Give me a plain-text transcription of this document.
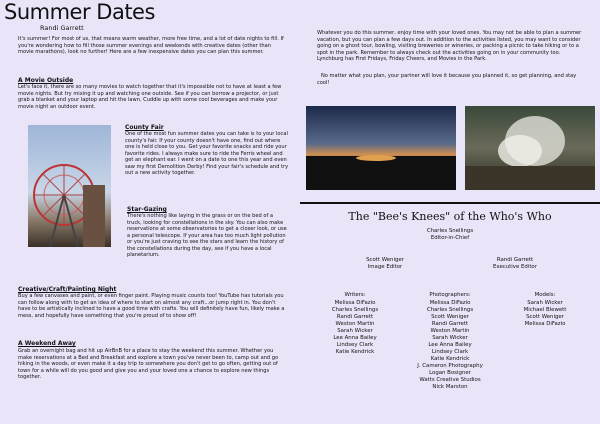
Summer Dates
Randi Garrett
It's summer! For most of us, that means warm weather, more free time, and a lot of date nights to fill. If you're wondering how to fill those summer evenings and weekends with creative dates (other than movie marathons), look no further! Here are a few inexpensive dates you can plan this summer.
A Movie Outside
Let's face it, there are so many movies to watch together that it's impossible not to have at least a few movie nights. But try mixing it up and watching one outside. See if you can borrow a projector, or just grab a blanket and your laptop and hit the lawn. Cuddle up with some cool beverages and make your movie night an outdoor event.
County Fair
One of the most fun summer dates you can take is to your local county's fair. If your county doesn't have one, find out where one is held close to you. Get your favorite snacks and ride your favorite rides. I always make sure to ride the Ferris wheel and get an elephant ear. I went on a date to one this year and even saw my first Demolition Derby! Find your fair's schedule and try out a new activity together.
Star-Gazing
There's nothing like laying in the grass or on the bed of a truck, looking for constellations in the sky. You can also make reservations at some observatories to get a closer look, or use a personal telescope. If your area has too much light pollution or you're just craving to see the stars and learn the history of the constellations during the day, see if you have a local planetarium.
Creative/Craft/Painting Night
Buy a few canvases and paint, or even finger paint. Playing music counts too! YouTube has tutorials you can follow along with to get an idea of where to start on almost any craft...or jump right in. You don't have to be artistically inclined to have a good time with crafts. You will definitely have fun, likely make a mess, and hopefully have something that you're proud of to show off!
A Weekend Away
Grab an overnight bag and hit up AirBnB for a place to stay the weekend this summer. Whether you make reservations at a Bed and Breakfast and explore a town you've never been to, camp out and go hiking in the woods, or even make it a day trip to somewhere you don't get to go often, getting out of town for a while will do you good and give you and your loved one a chance to explore new things together.
Whatever you do this summer, enjoy time with your loved ones. You may not be able to plan a summer vacation, but you can plan a few days out. In addition to the activities listed, you may want to consider going on a ghost tour, bowling, visiting breweries or wineries, or packing a picnic to take hiking or to a spot in the park. Remember to always check out the activities going on in your community too. Lynchburg has First Fridays, Friday Cheers, and Movies in the Park.
No matter what you plan, your partner will love it because you planned it, so get planning, and stay cool!
The "Bee's Knees" of the Who's Who
Charles Snellings
Editor-in-Chief
Scott Weniger
Image Editor
Randi Garrett
Executive Editor
Writers:
Melissa DiFazio
Charles Snellings
Randi Garrett
Weston Martin
Sarah Wicker
Lee Anna Bailey
Lindsey Clark
Katie Kendrick
Photographers:
Melissa DiFazio
Charles Snellings
Scott Weniger
Randi Garrett
Weston Martin
Sarah Wicker
Lee Anna Bailey
Lindsey Clark
Katie Kendrick
J. Cameron Photography
Logan Bosigner
Watts Creative Studios
Nick Marston
Models:
Sarah Wicker
Michael Blewett
Scott Weniger
Melissa DiFazio
